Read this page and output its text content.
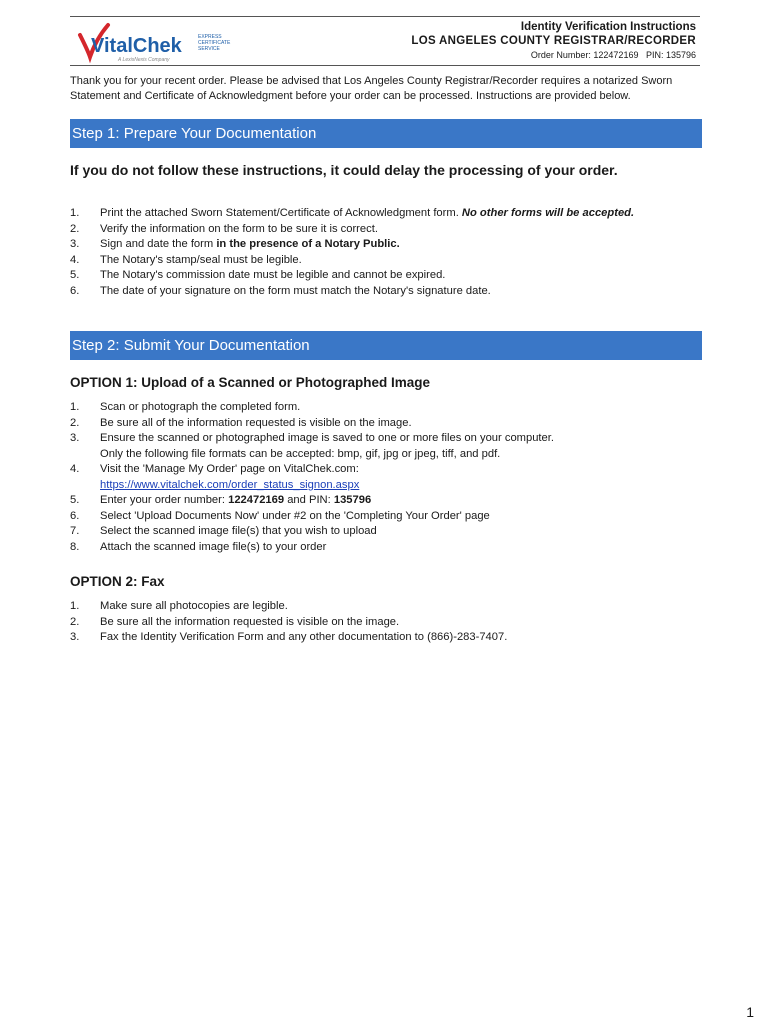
VitalChek	EXPRESS
CERTIFICATE
SERVICE
A LexisNexis Company
Identity Verification Instructions
LOS ANGELES COUNTY REGISTRAR/RECORDER
Order Number: 122472169   PIN: 135796
Thank you for your recent order. Please be advised that Los Angeles County Registrar/Recorder requires a notarized Sworn Statement and Certificate of Acknowledgment before your order can be processed. Instructions are provided below.
Step 1: Prepare Your Documentation
If you do not follow these instructions, it could delay the processing of your order.
1. Print the attached Sworn Statement/Certificate of Acknowledgment form. No other forms will be accepted.
2. Verify the information on the form to be sure it is correct.
3. Sign and date the form in the presence of a Notary Public.
4. The Notary's stamp/seal must be legible.
5. The Notary's commission date must be legible and cannot be expired.
6. The date of your signature on the form must match the Notary's signature date.
Step 2: Submit Your Documentation
OPTION 1: Upload of a Scanned or Photographed Image
1. Scan or photograph the completed form.
2. Be sure all of the information requested is visible on the image.
3. Ensure the scanned or photographed image is saved to one or more files on your computer.
Only the following file formats can be accepted: bmp, gif, jpg or jpeg, tiff, and pdf.
4. Visit the 'Manage My Order' page on VitalChek.com:
https://www.vitalchek.com/order_status_signon.aspx
5. Enter your order number: 122472169 and PIN: 135796
6. Select 'Upload Documents Now' under #2 on the 'Completing Your Order' page
7. Select the scanned image file(s) that you wish to upload
8. Attach the scanned image file(s) to your order
OPTION 2: Fax
1. Make sure all photocopies are legible.
2. Be sure all the information requested is visible on the image.
3. Fax the Identity Verification Form and any other documentation to (866)-283-7407.
1
